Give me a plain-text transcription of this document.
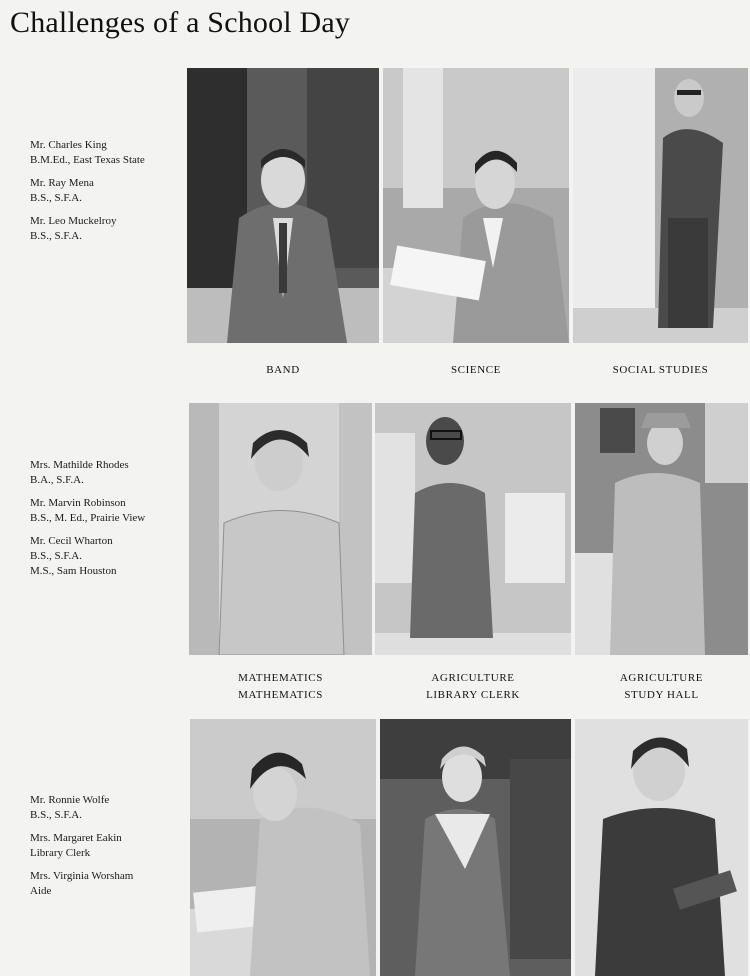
Challenges of a School Day
Mr. Charles King
B.M.Ed., East Texas State
Mr. Ray Mena
B.S., S.F.A.
Mr. Leo Muckelroy
B.S., S.F.A.
BAND	SCIENCE	SOCIAL STUDIES
Mrs. Mathilde Rhodes
B.A., S.F.A.
Mr. Marvin Robinson
B.S., M. Ed., Prairie View
Mr. Cecil Wharton
B.S., S.F.A.
M.S., Sam Houston
MATHEMATICS
MATHEMATICS
AGRICULTURE
LIBRARY CLERK
AGRICULTURE
STUDY HALL
Mr. Ronnie Wolfe
B.S., S.F.A.
Mrs. Margaret Eakin
Library Clerk
Mrs. Virginia Worsham
Aide
